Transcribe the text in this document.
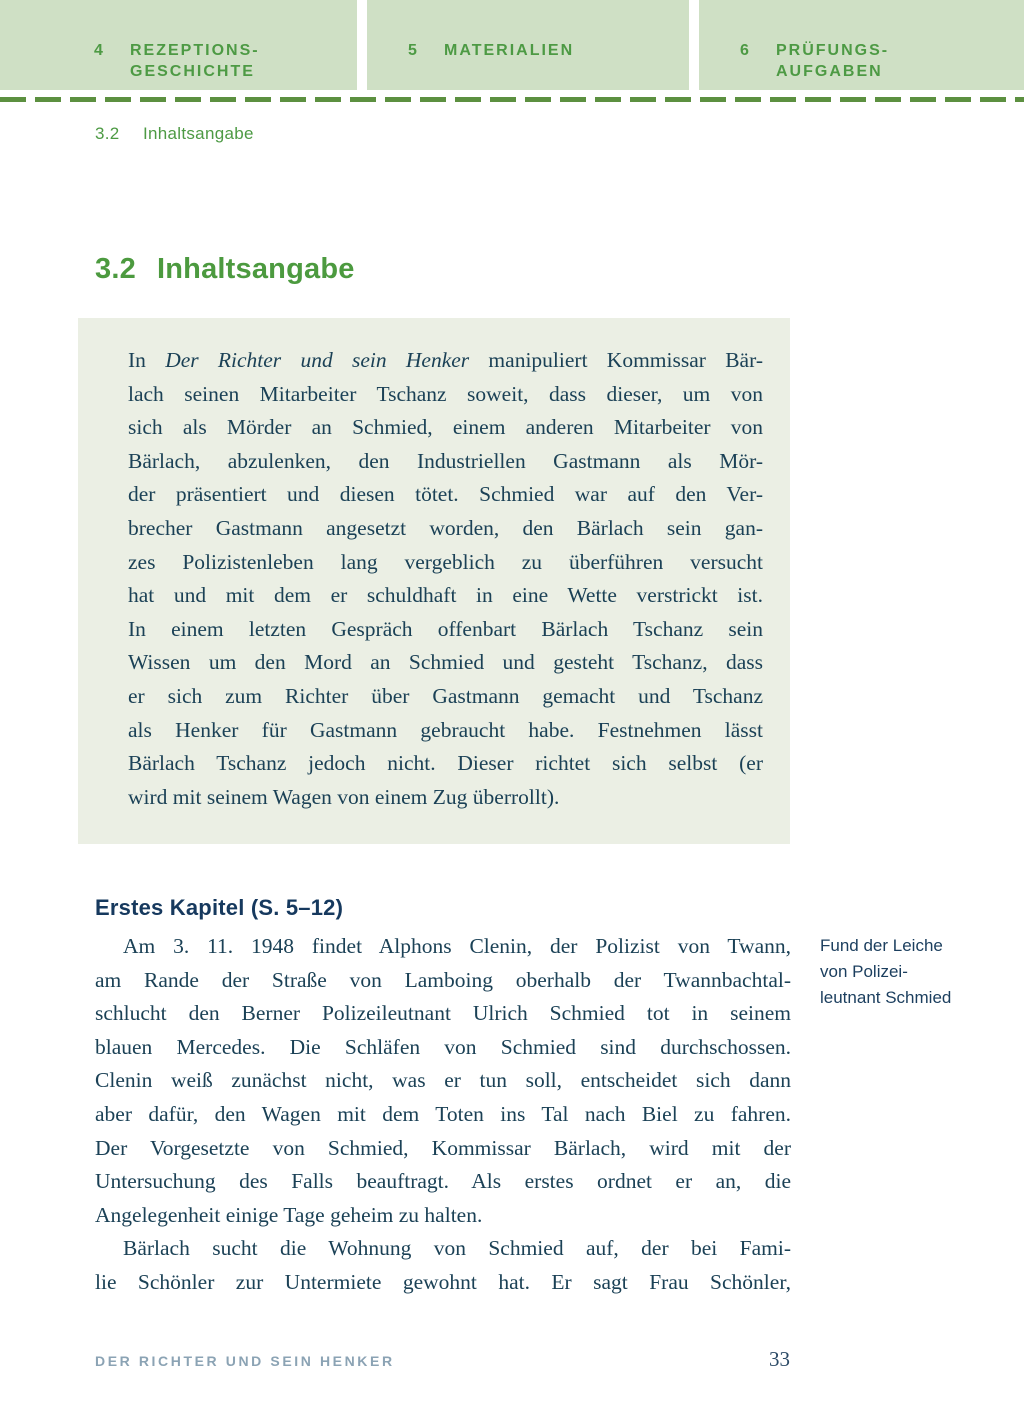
4	REZEPTIONS-
GESCHICHTE
5	MATERIALIEN	6	PRÜFUNGS-
AUFGABEN
3.2	Inhaltsangabe
3.2 Inhaltsangabe
In Der Richter und sein Henker manipuliert Kommissar Bär-
lach seinen Mitarbeiter Tschanz soweit, dass dieser, um von
sich als Mörder an Schmied, einem anderen Mitarbeiter von
Bärlach, abzulenken, den Industriellen Gastmann als Mör-
der präsentiert und diesen tötet. Schmied war auf den Ver-
brecher Gastmann angesetzt worden, den Bärlach sein gan-
zes Polizistenleben lang vergeblich zu überführen versucht
hat und mit dem er schuldhaft in eine Wette verstrickt ist.
In einem letzten Gespräch offenbart Bärlach Tschanz sein
Wissen um den Mord an Schmied und gesteht Tschanz, dass
er sich zum Richter über Gastmann gemacht und Tschanz
als Henker für Gastmann gebraucht habe. Festnehmen lässt
Bärlach Tschanz jedoch nicht. Dieser richtet sich selbst (er
wird mit seinem Wagen von einem Zug überrollt).
Erstes Kapitel (S. 5–12)
Am 3. 11. 1948 findet Alphons Clenin, der Polizist von Twann,
am Rande der Straße von Lamboing oberhalb der Twannbachtal-
schlucht den Berner Polizeileutnant Ulrich Schmied tot in seinem
blauen Mercedes. Die Schläfen von Schmied sind durchschossen.
Clenin weiß zunächst nicht, was er tun soll, entscheidet sich dann
aber dafür, den Wagen mit dem Toten ins Tal nach Biel zu fahren.
Der Vorgesetzte von Schmied, Kommissar Bärlach, wird mit der
Untersuchung des Falls beauftragt. Als erstes ordnet er an, die
Angelegenheit einige Tage geheim zu halten.
Bärlach sucht die Wohnung von Schmied auf, der bei Fami-
lie Schönler zur Untermiete gewohnt hat. Er sagt Frau Schönler,
Fund der Leiche
von Polizei-
leutnant Schmied
DER RICHTER UND SEIN HENKER	33
